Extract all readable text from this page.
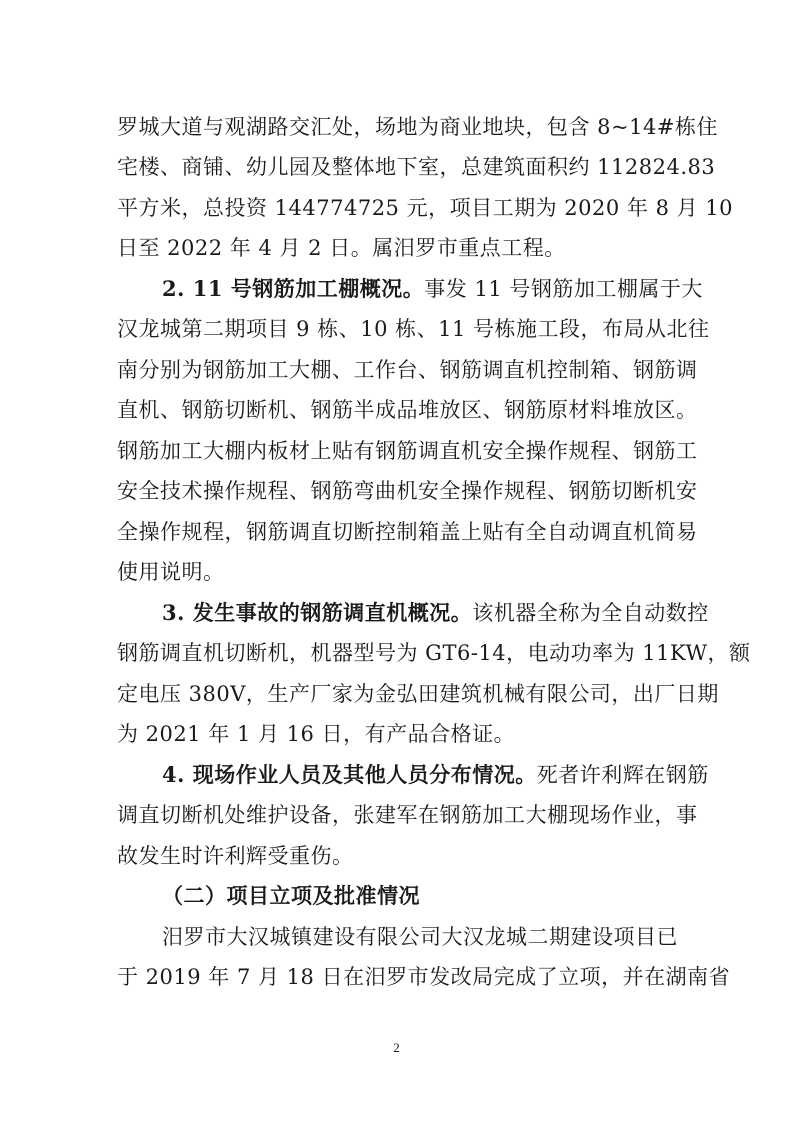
罗城大道与观湖路交汇处，场地为商业地块，包含 8~14#栋住
宅楼、商铺、幼儿园及整体地下室，总建筑面积约 112824.83
平方米，总投资 144774725 元，项目工期为 2020 年 8 月 10
日至 2022 年 4 月 2 日。属汨罗市重点工程。
2. 11 号钢筋加工棚概况。事发 11 号钢筋加工棚属于大
汉龙城第二期项目 9 栋、10 栋、11 号栋施工段，布局从北往
南分别为钢筋加工大棚、工作台、钢筋调直机控制箱、钢筋调
直机、钢筋切断机、钢筋半成品堆放区、钢筋原材料堆放区。
钢筋加工大棚内板材上贴有钢筋调直机安全操作规程、钢筋工
安全技术操作规程、钢筋弯曲机安全操作规程、钢筋切断机安
全操作规程，钢筋调直切断控制箱盖上贴有全自动调直机简易
使用说明。
3. 发生事故的钢筋调直机概况。该机器全称为全自动数控
钢筋调直机切断机，机器型号为 GT6-14，电动功率为 11KW，额
定电压 380V，生产厂家为金弘田建筑机械有限公司，出厂日期
为 2021 年 1 月 16 日，有产品合格证。
4. 现场作业人员及其他人员分布情况。死者许利辉在钢筋
调直切断机处维护设备，张建军在钢筋加工大棚现场作业，事
故发生时许利辉受重伤。
（二）项目立项及批准情况
汨罗市大汉城镇建设有限公司大汉龙城二期建设项目已
于 2019 年 7 月 18 日在汨罗市发改局完成了立项，并在湖南省
2
